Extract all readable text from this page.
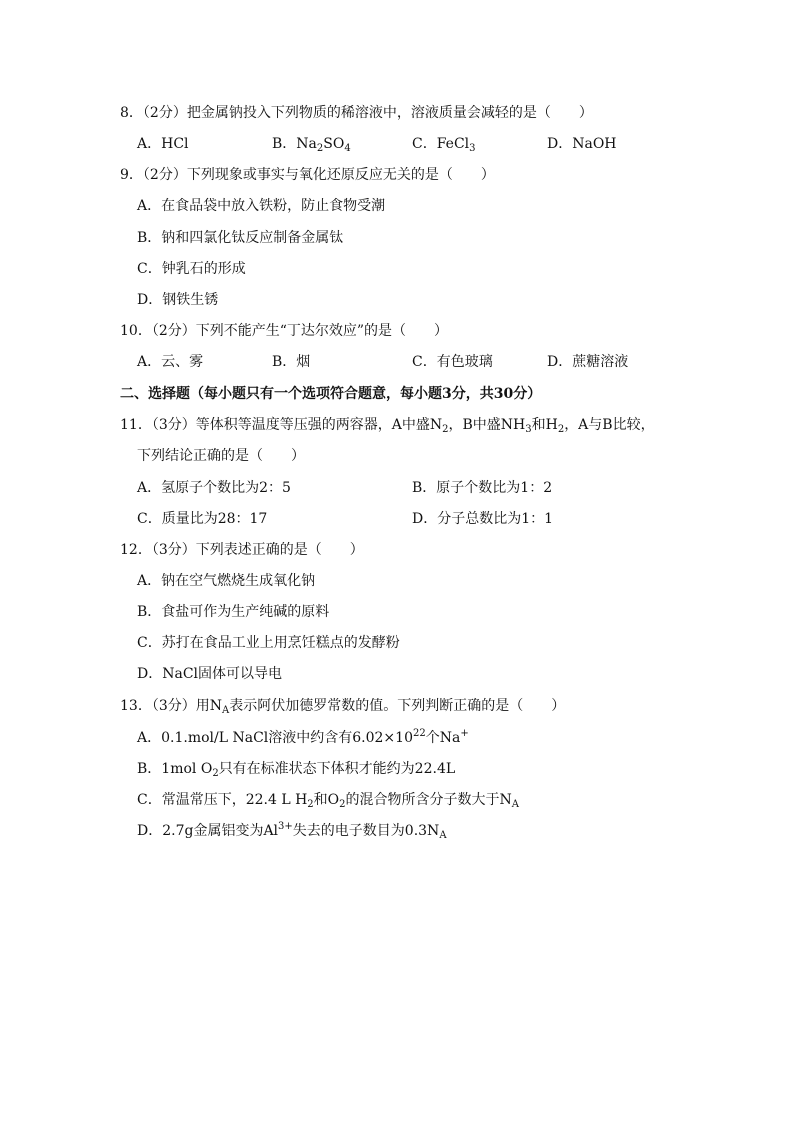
8．（2分）把金属钠投入下列物质的稀溶液中，溶液质量会减轻的是（　　）
A．HCl	B．$Na_2SO_4$	C．FeCl$_3$	D．NaOH
9．（2分）下列现象或事实与氧化还原反应无关的是（　　）
A．在食品袋中放入铁粉，防止食物受潮
B．钠和四氯化钛反应制备金属钛
C．钟乳石的形成
D．钢铁生锈
10．（2分）下列不能产生“丁达尔效应”的是（　　）
A．云、雾	B．烟	C．有色玻璃	D．蔗糖溶液
二、选择题（每小题只有一个选项符合题意，每小题3分，共30分）
11．（3分）等体积等温度等压强的两容器，A中盛$N_2$，B中盛$NH_3$和$H_2$，A与B比较，
下列结论正确的是（　　）
A．氢原子个数比为2：5	B．原子个数比为1：2
C．质量比为28：17	D．分子总数比为1：1
12．（3分）下列表述正确的是（　　）
A．钠在空气燃烧生成氧化钠
B．食盐可作为生产纯碱的原料
C．苏打在食品工业上用烹饪糕点的发酵粉
D．NaCl固体可以导电
13．（3分）用$N_A$表示阿伏加德罗常数的值。下列判断正确的是（　　）
A．0.1.mol/L NaCl溶液中约含有$6.02\times 10^{22}$个Na+
B．1mol $O_2$只有在标准状态下体积才能约为22.4L
C．常温常压下，22.4 L $H_2$和$O_2$的混合物所含分子数大于$N_A$
D．2.7g金属铝变为$Al^{3+}$失去的电子数目为$0.3N_A$
